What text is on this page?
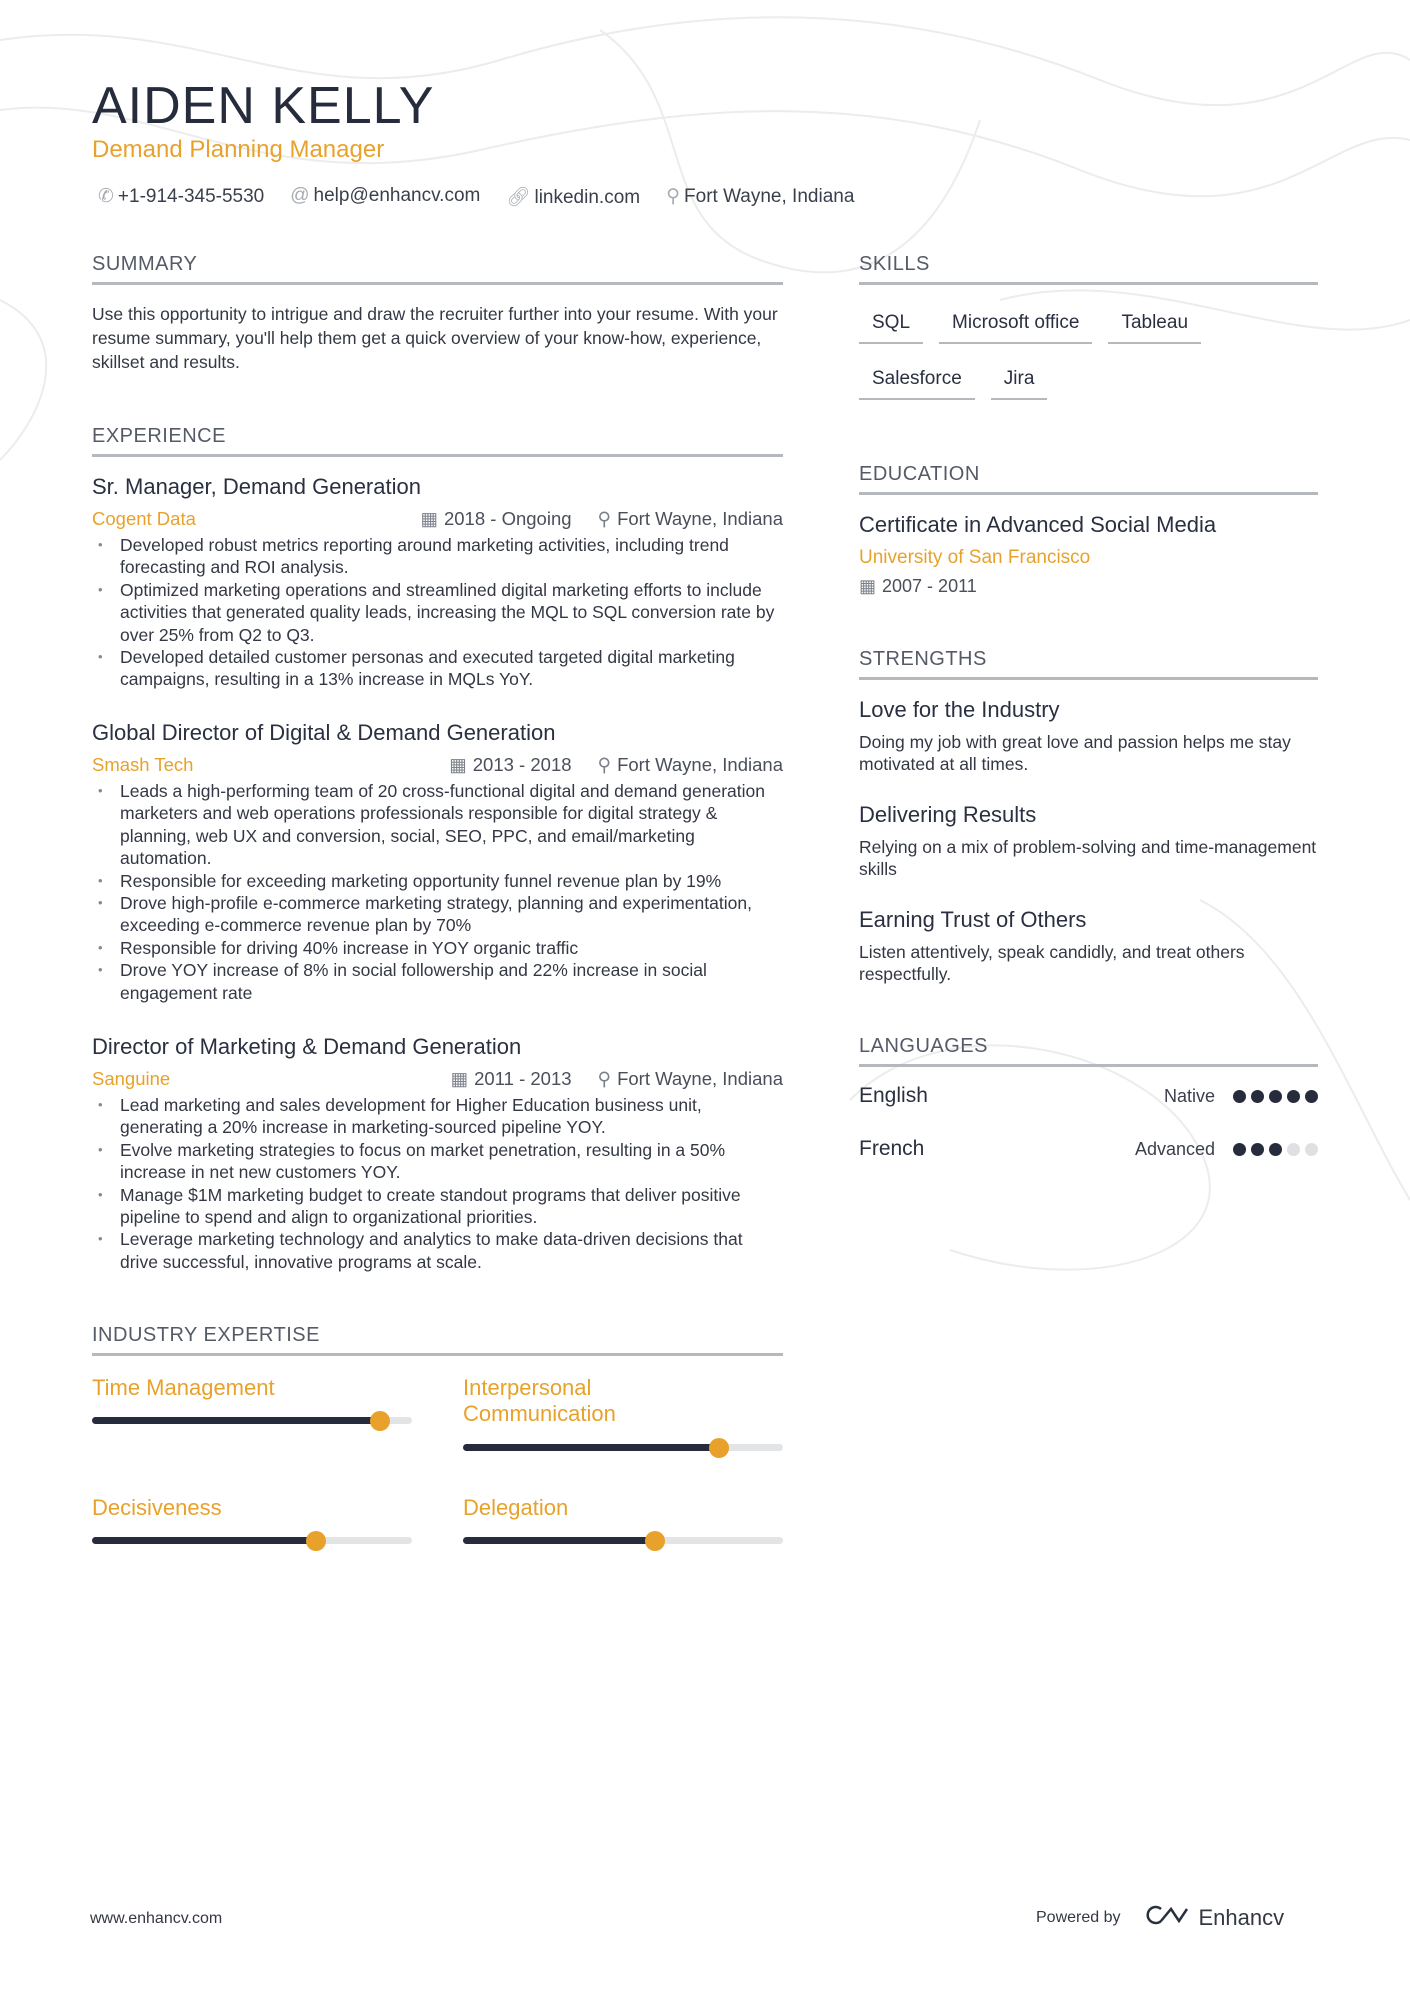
AIDEN KELLY
Demand Planning Manager
✆ +1-914-345-5530 @ help@enhancv.com 🔗︎ linkedin.com ⚲ Fort Wayne, Indiana
SUMMARY
Use this opportunity to intrigue and draw the recruiter further into your resume. With your resume summary, you'll help them get a quick overview of your know-how, experience, skillset and results.
EXPERIENCE
Sr. Manager, Demand Generation
Cogent Data	▦ 2018 - Ongoing ⚲ Fort Wayne, Indiana
• Developed robust metrics reporting around marketing activities, including trend forecasting and ROI analysis.
• Optimized marketing operations and streamlined digital marketing efforts to include activities that generated quality leads, increasing the MQL to SQL conversion rate by over 25% from Q2 to Q3.
• Developed detailed customer personas and executed targeted digital marketing campaigns, resulting in a 13% increase in MQLs YoY.
Global Director of Digital & Demand Generation
Smash Tech	▦ 2013 - 2018 ⚲ Fort Wayne, Indiana
• Leads a high-performing team of 20 cross-functional digital and demand generation marketers and web operations professionals responsible for digital strategy & planning, web UX and conversion, social, SEO, PPC, and email/marketing automation.
• Responsible for exceeding marketing opportunity funnel revenue plan by 19%
• Drove high-profile e-commerce marketing strategy, planning and experimentation, exceeding e-commerce revenue plan by 70%
• Responsible for driving 40% increase in YOY organic traffic
• Drove YOY increase of 8% in social followership and 22% increase in social engagement rate
Director of Marketing & Demand Generation
Sanguine	▦ 2011 - 2013 ⚲ Fort Wayne, Indiana
• Lead marketing and sales development for Higher Education business unit, generating a 20% increase in marketing-sourced pipeline YOY.
• Evolve marketing strategies to focus on market penetration, resulting in a 50% increase in net new customers YOY.
• Manage $1M marketing budget to create standout programs that deliver positive pipeline to spend and align to organizational priorities.
• Leverage marketing technology and analytics to make data-driven decisions that drive successful, innovative programs at scale.
INDUSTRY EXPERTISE
Time Management	Interpersonal Communication
Decisiveness	Delegation
SKILLS
SQL	Microsoft office	Tableau
Salesforce	Jira
EDUCATION
Certificate in Advanced Social Media
University of San Francisco
▦ 2007 - 2011
STRENGTHS
Love for the Industry
Doing my job with great love and passion helps me stay motivated at all times.
Delivering Results
Relying on a mix of problem-solving and time-management skills
Earning Trust of Others
Listen attentively, speak candidly, and treat others respectfully.
LANGUAGES
English	Native
French	Advanced
www.enhancv.com	Powered by	Enhancv
